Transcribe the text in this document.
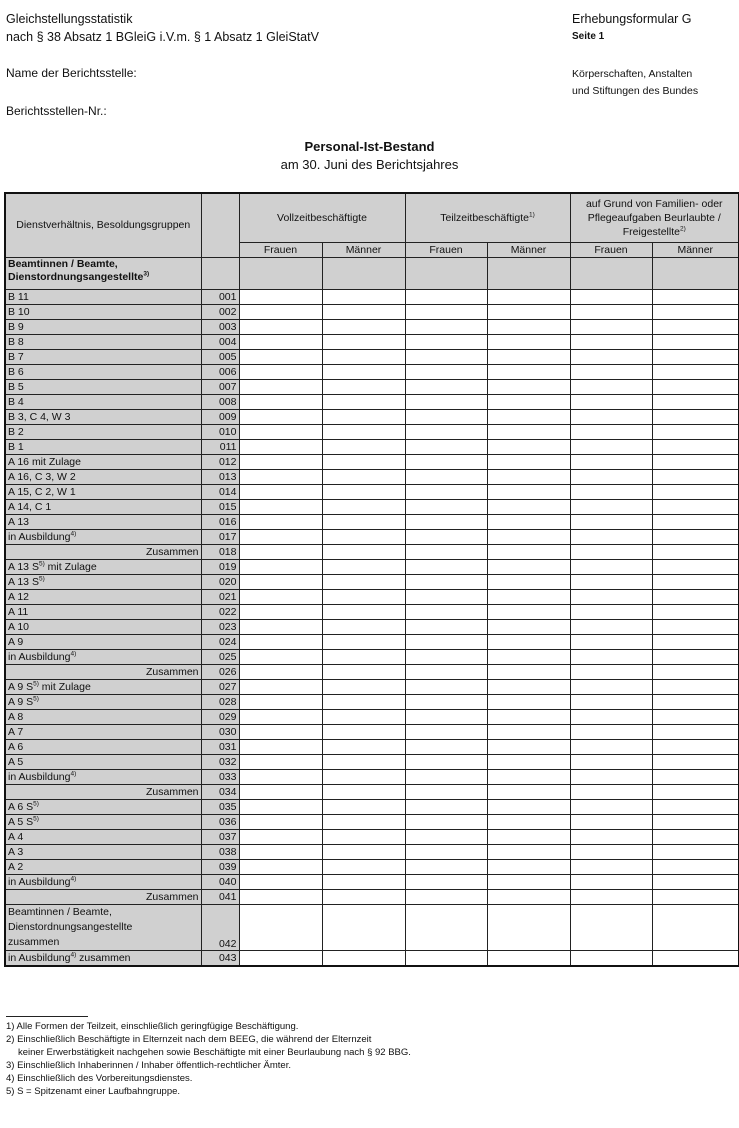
Gleichstellungsstatistik
nach § 38 Absatz 1 BGleiG i.V.m. § 1 Absatz 1 GleiStatV
Erhebungsformular G
Seite 1
Name der Berichtsstelle:
Berichtsstellen-Nr.:
Körperschaften, Anstalten
und Stiftungen des Bundes
Personal-Ist-Bestand
am 30. Juni des Berichtsjahres
Dienstverhältnis, Besoldungsgruppen		Vollzeitbeschäftigte		Teilzeitbeschäftigte$^{1)}$		auf Grund von Familien- oder Pflegeaufgaben Beurlaubte / Freigestellte$^{2)}$
		Frauen	Männer	Frauen	Männer	Frauen	Männer
Beamtinnen / Beamte, Dienstordnungsangestellte$^{3)}$							
B 11	001						
B 10	002						
B 9	003						
B 8	004						
B 7	005						
B 6	006						
B 5	007						
B 4	008						
B 3, C 4, W 3	009						
B 2	010						
B 1	011						
A 16 mit Zulage	012						
A 16, C 3, W 2	013						
A 15, C 2, W 1	014						
A 14, C 1	015						
A 13	016						
in Ausbildung$^{4)}$	017						
Zusammen	018						
A 13 $S^{5)}$ mit Zulage	019						
A 13 $S^{5)}$	020						
A 12	021						
A 11	022						
A 10	023						
A 9	024						
in Ausbildung$^{4)}$	025						
Zusammen	026						
A 9 $S^{5)}$ mit Zulage	027						
A 9 $S^{5)}$	028						
A 8	029						
A 7	030						
A 6	031						
A 5	032						
in Ausbildung$^{4)}$	033						
Zusammen	034						
A 6 $S^{5)}$	035						
A 5 $S^{5)}$	036						
A 4	037						
A 3	038						
A 2	039						
in Ausbildung$^{4)}$	040						
Zusammen	041						

Beamtinnen / Beamte,
Dienstordnungsangestellte
zusammen	042						
in Ausbildung$^{4)}$ zusammen	043						
1) Alle Formen der Teilzeit, einschließlich geringfügige Beschäftigung.
2) Einschließlich Beschäftigte in Elternzeit nach dem BEEG, die während der Elternzeit
keiner Erwerbstätigkeit nachgehen sowie Beschäftigte mit einer Beurlaubung nach § 92 BBG.
3) Einschließlich Inhaberinnen / Inhaber öffentlich-rechtlicher Ämter.
4) Einschließlich des Vorbereitungsdienstes.
5) S = Spitzenamt einer Laufbahngruppe.
